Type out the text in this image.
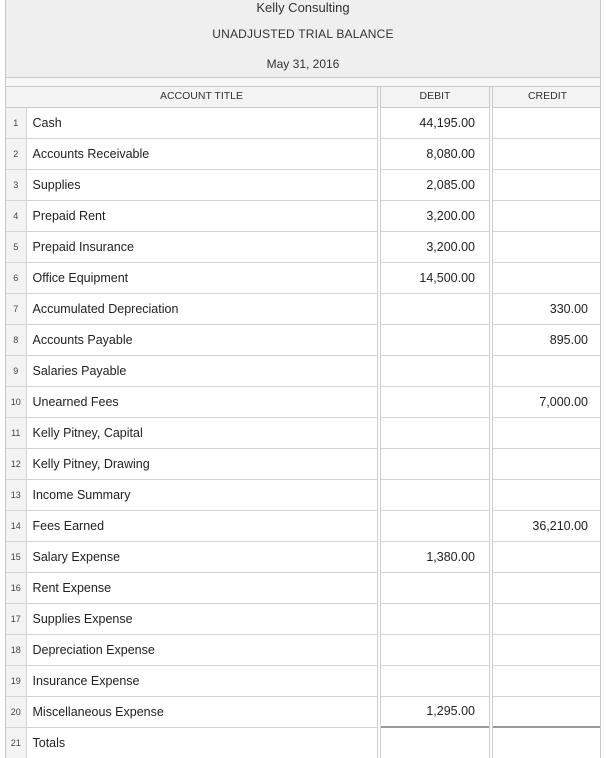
Kelly Consulting
UNADJUSTED TRIAL BALANCE
May 31, 2016
	ACCOUNT TITLE	DEBIT	CREDIT
1	Cash	44,195.00	
2	Accounts Receivable	8,080.00	
3	Supplies	2,085.00	
4	Prepaid Rent	3,200.00	
5	Prepaid Insurance	3,200.00	
6	Office Equipment	14,500.00	
7	Accumulated Depreciation		330.00
8	Accounts Payable		895.00
9	Salaries Payable		
10	Unearned Fees		7,000.00
11	Kelly Pitney, Capital		
12	Kelly Pitney, Drawing		
13	Income Summary		
14	Fees Earned		36,210.00
15	Salary Expense	1,380.00	
16	Rent Expense		
17	Supplies Expense		
18	Depreciation Expense		
19	Insurance Expense		
20	Miscellaneous Expense	1,295.00	
21	Totals		
